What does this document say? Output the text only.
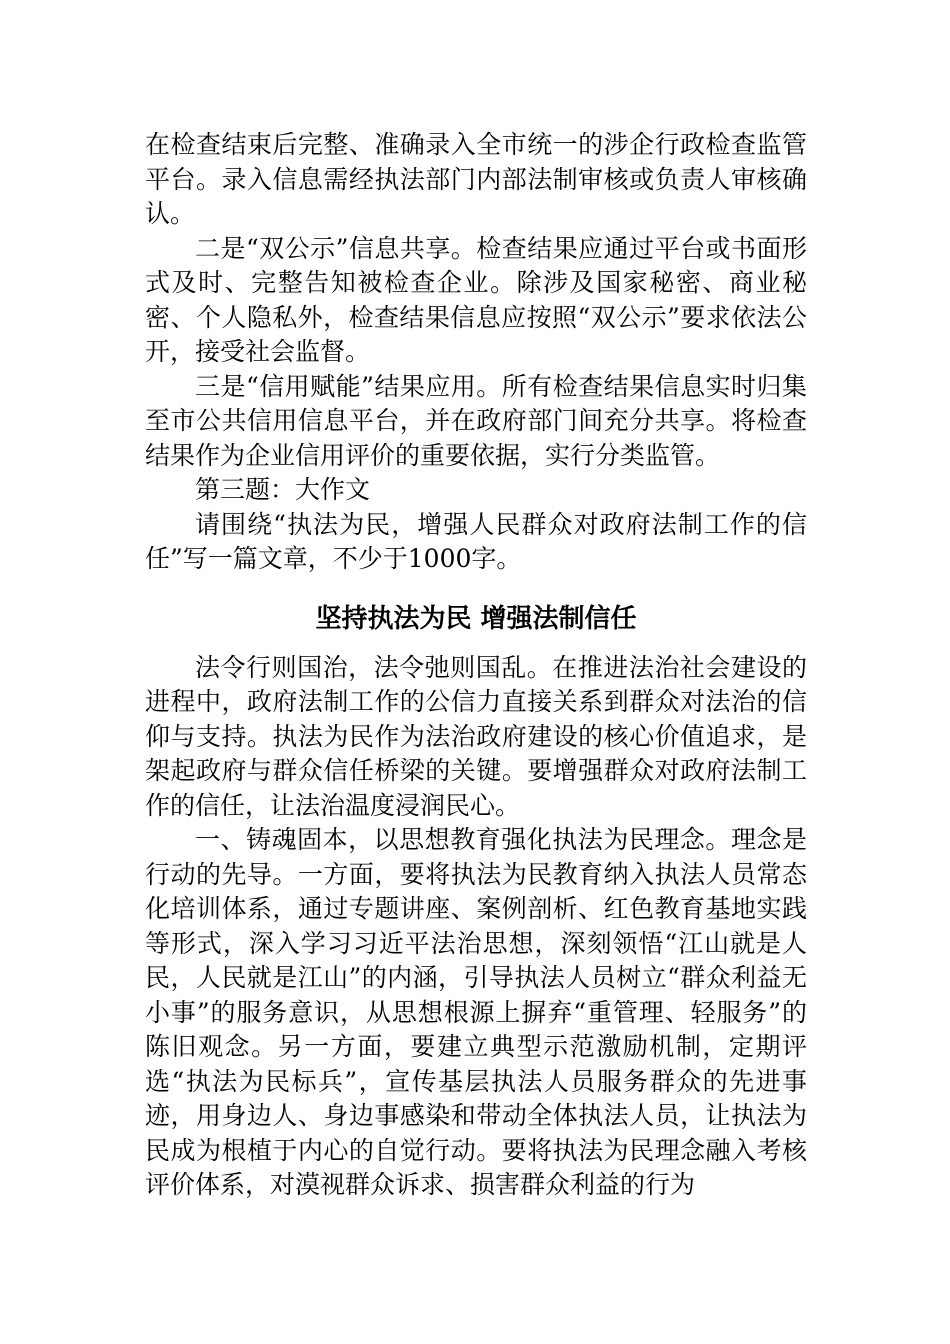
在检查结束后完整、准确录入全市统一的涉企行政检查监管平台。录入信息需经执法部门内部法制审核或负责人审核确认。

二是“双公示”信息共享。检查结果应通过平台或书面形式及时、完整告知被检查企业。除涉及国家秘密、商业秘密、个人隐私外，检查结果信息应按照“双公示”要求依法公开，接受社会监督。

三是“信用赋能”结果应用。所有检查结果信息实时归集至市公共信用信息平台，并在政府部门间充分共享。将检查结果作为企业信用评价的重要依据，实行分类监管。

第三题：大作文

请围绕“执法为民，增强人民群众对政府法制工作的信任”写一篇文章，不少于1000字。

坚持执法为民 增强法制信任

法令行则国治，法令弛则国乱。在推进法治社会建设的进程中，政府法制工作的公信力直接关系到群众对法治的信仰与支持。执法为民作为法治政府建设的核心价值追求，是架起政府与群众信任桥梁的关键。要增强群众对政府法制工作的信任，让法治温度浸润民心。

一、铸魂固本，以思想教育强化执法为民理念。理念是行动的先导。一方面，要将执法为民教育纳入执法人员常态化培训体系，通过专题讲座、案例剖析、红色教育基地实践等形式，深入学习习近平法治思想，深刻领悟“江山就是人民，人民就是江山”的内涵，引导执法人员树立“群众利益无小事”的服务意识，从思想根源上摒弃“重管理、轻服务”的陈旧观念。另一方面，要建立典型示范激励机制，定期评选“执法为民标兵”，宣传基层执法人员服务群众的先进事迹，用身边人、身边事感染和带动全体执法人员，让执法为民成为根植于内心的自觉行动。要将执法为民理念融入考核评价体系，对漠视群众诉求、损害群众利益的行为
